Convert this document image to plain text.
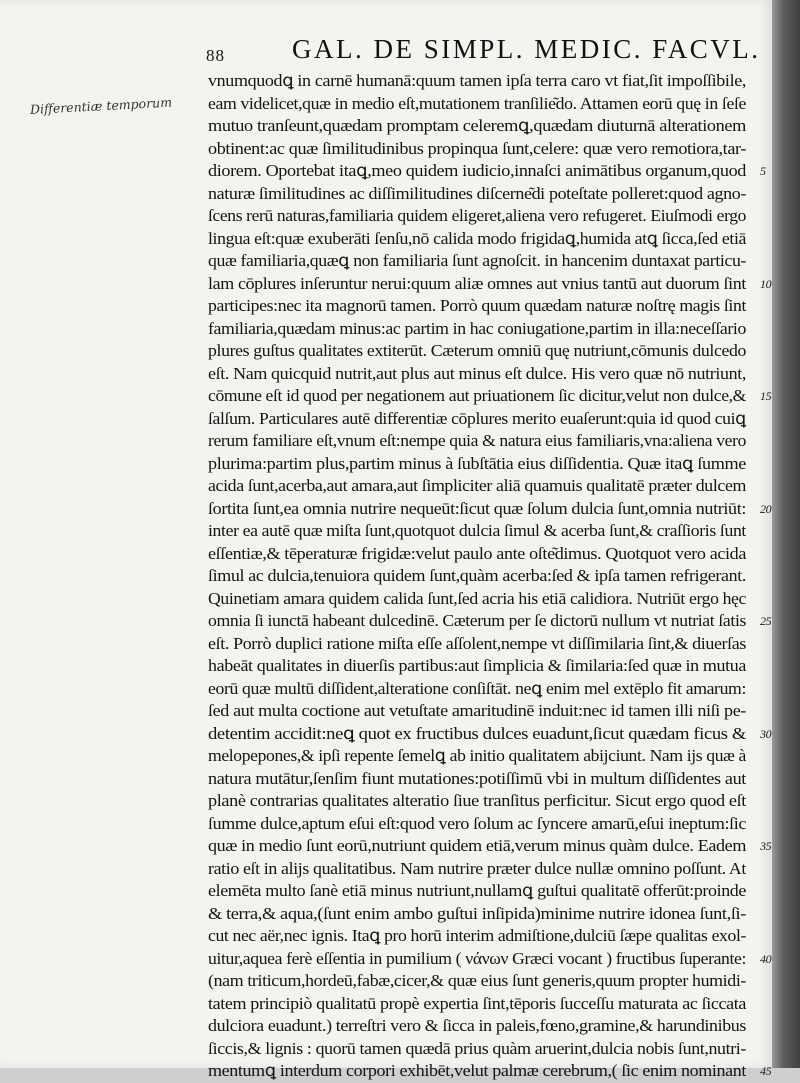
88 GAL. DE SIMPL. MEDIC. FACVL.
Differentiæ temporum
vnumquodꝗ in carnē humanā:quum tamen ipſa terra caro vt fiat,ſit impoſſibile,
eam videlicet,quæ in medio eſt,mutationem tranſilie͂do. Attamen eorū quę in ſeſe
mutuo tranſeunt,quædam promptam celeremꝗ,quædam diuturnā alterationem
obtinent:ac quæ ſimilitudinibus propinqua ſunt,celere: quæ vero remotiora,tar-
diorem. Oportebat itaꝗ,meo quidem iudicio,innaſci animātibus organum,quod 5
naturæ ſimilitudines ac diſſimilitudines diſcerne͂di poteſtate polleret:quod agno-
ſcens rerū naturas,familiaria quidem eligeret,aliena vero refugeret. Eiuſmodi ergo
lingua eſt:quæ exuberāti ſenſu,nō calida modo frigidaꝗ,humida atꝗ ſicca,ſed etiā
quæ familiaria,quæꝗ non familiaria ſunt agnoſcit. in hancenim duntaxat particu-
lam cōplures inſeruntur nerui:quum aliæ omnes aut vnius tantū aut duorum ſint 10
participes:nec ita magnorū tamen. Porrò quum quædam naturæ noſtrę magis ſint
familiaria,quædam minus:ac partim in hac coniugatione,partim in illa:neceſſario
plures guſtus qualitates extiterūt. Cæterum omniū quę nutriunt,cōmunis dulcedo
eſt. Nam quicquid nutrit,aut plus aut minus eſt dulce. His vero quæ nō nutriunt,
cōmune eſt id quod per negationem aut priuationem ſic dicitur,velut non dulce,& 15
ſalſum. Particulares autē differentiæ cōplures merito euaſerunt:quia id quod cuiꝗ
rerum familiare eſt,vnum eſt:nempe quia & natura eius familiaris,vna:aliena vero
plurima:partim plus,partim minus à ſubſtātia eius diſſidentia. Quæ itaꝗ ſumme
acida ſunt,acerba,aut amara,aut ſimpliciter aliā quamuis qualitatē præter dulcem
ſortita ſunt,ea omnia nutrire nequeūt:ſicut quæ ſolum dulcia ſunt,omnia nutriūt: 20
inter ea autē quæ miſta ſunt,quotquot dulcia ſimul & acerba ſunt,& craſſioris ſunt
eſſentiæ,& tēperaturæ frigidæ:velut paulo ante oſte͂dimus. Quotquot vero acida
ſimul ac dulcia,tenuiora quidem ſunt,quàm acerba:ſed & ipſa tamen refrigerant.
Quinetiam amara quidem calida ſunt,ſed acria his etiā calidiora. Nutriūt ergo hęc
omnia ſi iunctā habeant dulcedinē. Cæterum per ſe dictorū nullum vt nutriat ſatis 25
eſt. Porrò duplici ratione miſta eſſe aſſolent,nempe vt diſſimilaria ſint,& diuerſas
habeāt qualitates in diuerſis partibus:aut ſimplicia & ſimilaria:ſed quæ in mutua
eorū quæ multū diſſident,alteratione conſiſtāt. neꝗ enim mel extēplo fit amarum:
ſed aut multa coctione aut vetuſtate amaritudinē induit:nec id tamen illi niſi pe-
detentim accidit:neꝗ quot ex fructibus dulces euadunt,ſicut quædam ficus & 30
melopepones,& ipſi repente ſemelꝗ ab initio qualitatem abijciunt. Nam ijs quæ à
natura mutātur,ſenſim fiunt mutationes:potiſſimū vbi in multum diſſidentes aut
planè contrarias qualitates alteratio ſiue tranſitus perficitur. Sicut ergo quod eſt
ſumme dulce,aptum eſui eſt:quod vero ſolum ac ſyncere amarū,eſui ineptum:ſic
quæ in medio ſunt eorū,nutriunt quidem etiā,verum minus quàm dulce. Eadem 35
ratio eſt in alijs qualitatibus. Nam nutrire præter dulce nullæ omnino poſſunt. At
elemēta multo ſanè etiā minus nutriunt,nullamꝗ guſtui qualitatē offerūt:proinde
& terra,& aqua,(ſunt enim ambo guſtui inſipida)minime nutrire idonea ſunt,ſi-
cut nec aër,nec ignis. Itaꝗ pro horū interim admiſtione,dulciū ſæpe qualitas exol-
uitur,aquea ferè eſſentia in pumilium ( νάνων Græci vocant ) fructibus ſuperante: 40
(nam triticum,hordeū,fabæ,cicer,& quæ eius ſunt generis,quum propter humidi-
tatem principiò qualitatū propè expertia ſint,tēporis ſucceſſu maturata ac ſiccata
dulciora euadunt.) terreſtri vero & ſicca in paleis,fœno,gramine,& harundinibus
ſiccis,& lignis : quorū tamen quædā prius quàm aruerint,dulcia nobis ſunt,nutri-
mentumꝗ interdum corpori exhibēt,velut palmæ cerebrum,( ſic enim nominant 45
